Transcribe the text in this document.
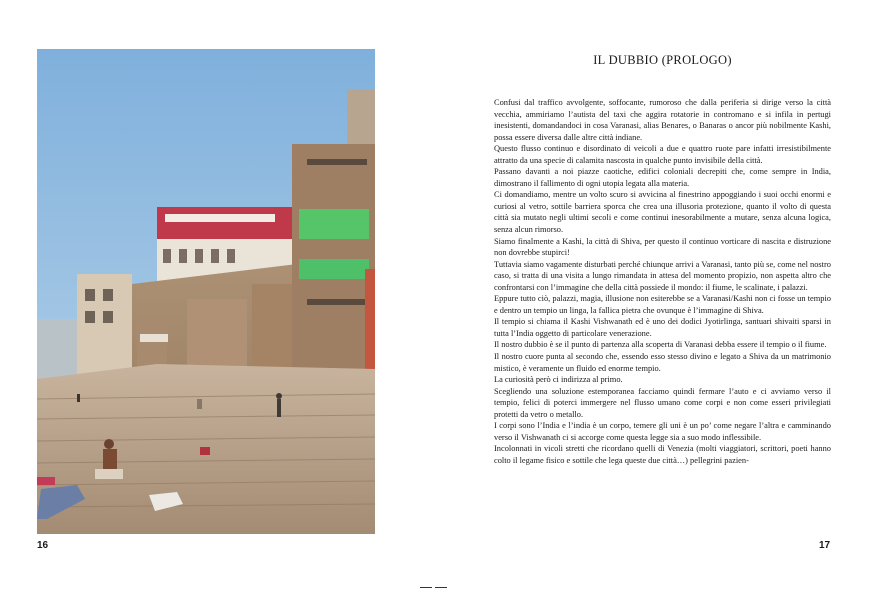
16
IL DUBBIO (PROLOGO)

Confusi dal traffico avvolgente, soffocante, rumoroso che dalla periferia si dirige verso la città vecchia, ammiriamo l’autista del taxi che aggira rotatorie in contromano e si infila in pertugi inesistenti, domandandoci in cosa Varanasi, alias Benares, o Banaras o ancor più nobilmente Kashi, possa essere diversa dalle altre città indiane.

Questo flusso continuo e disordinato di veicoli a due e quattro ruote pare infatti irresistibilmente attratto da una specie di calamita nascosta in qualche punto invisibile della città.

Passano davanti a noi piazze caotiche, edifici coloniali decrepiti che, come sempre in India, dimostrano il fallimento di ogni utopia legata alla materia.

Ci domandiamo, mentre un volto scuro si avvicina al finestrino appoggiando i suoi occhi enormi e curiosi al vetro, sottile barriera sporca che crea una illusoria protezione, quanto il volto di questa città sia mutato negli ultimi secoli e come continui inesorabilmente a mutare, senza alcuna logica, senza alcun rimorso.

Siamo finalmente a Kashi, la città di Shiva, per questo il continuo vorticare di nascita e distruzione non dovrebbe stupirci!

Tuttavia siamo vagamente disturbati perché chiunque arrivi a Varanasi, tanto più se, come nel nostro caso, si tratta di una visita a lungo rimandata in attesa del momento propizio, non aspetta altro che confrontarsi con l’immagine che della città possiede il mondo: il fiume, le scalinate, i palazzi.

Eppure tutto ciò, palazzi, magia, illusione non esiterebbe se a Varanasi/Kashi non ci fosse un tempio e dentro un tempio un linga, la fallica pietra che ovunque è l’immagine di Shiva.

Il tempio si chiama il Kashi Vishwanath ed è uno dei dodici Jyotirlinga, santuari shivaiti sparsi in tutta l’India oggetto di particolare venerazione.

Il nostro dubbio è se il punto di partenza alla scoperta di Varanasi debba essere il tempio o il fiume.

Il nostro cuore punta al secondo che, essendo esso stesso divino e legato a Shiva da un matrimonio mistico, è veramente un fluido ed enorme tempio.

La curiosità però ci indirizza al primo.

Scegliendo una soluzione estemporanea facciamo quindi fermare l’auto e ci avviamo verso il tempio, felici di poterci immergere nel flusso umano come corpi e non come esseri privilegiati protetti da vetro o metallo.

I corpi sono l’India e l’india è un corpo, temere gli uni è un po’ come negare l’altra e camminando verso il Vishwanath ci si accorge come questa legge sia a suo modo inflessibile.

Incolonnati in vicoli stretti che ricordano quelli di Venezia (molti viaggiatori, scrittori, poeti hanno colto il legame fisico e sottile che lega queste due città…) pellegrini pazien-

17
